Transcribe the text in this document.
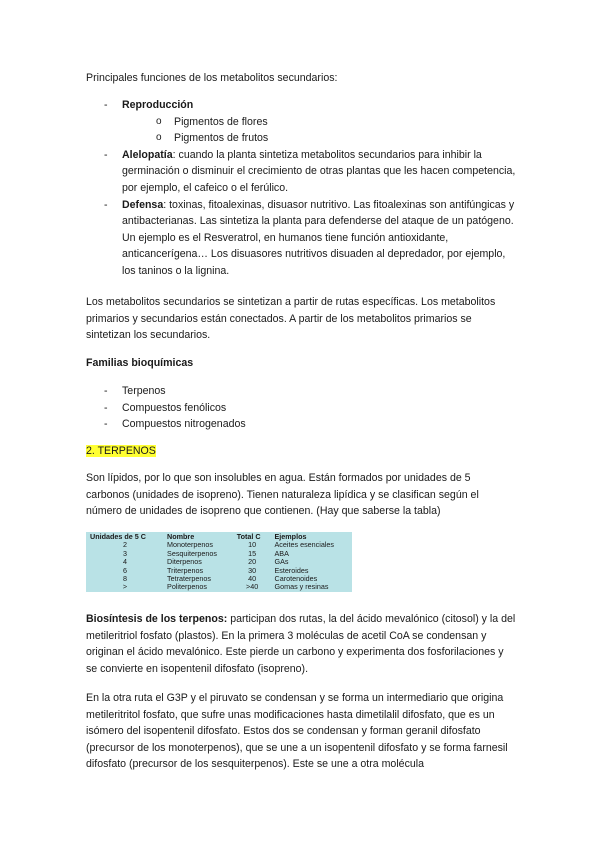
Principales funciones de los metabolitos secundarios:

- Reproducción
o Pigmentos de flores
o Pigmentos de frutos
- Alelopatía: cuando la planta sintetiza metabolitos secundarios para inhibir la germinación o disminuir el crecimiento de otras plantas que les hacen competencia, por ejemplo, el cafeico o el ferúlico.
- Defensa: toxinas, fitoalexinas, disuasor nutritivo. Las fitoalexinas son antifúngicas y antibacterianas. Las sintetiza la planta para defenderse del ataque de un patógeno. Un ejemplo es el Resveratrol, en humanos tiene función antioxidante, anticancerígena… Los disuasores nutritivos disuaden al depredador, por ejemplo, los taninos o la lignina.

Los metabolitos secundarios se sintetizan a partir de rutas específicas. Los metabolitos primarios y secundarios están conectados. A partir de los metabolitos primarios se sintetizan los secundarios.

Familias bioquímicas

- Terpenos
- Compuestos fenólicos
- Compuestos nitrogenados

2. TERPENOS

Son lípidos, por lo que son insolubles en agua. Están formados por unidades de 5 carbonos (unidades de isopreno). Tienen naturaleza lipídica y se clasifican según el número de unidades de isopreno que contienen. (Hay que saberse la tabla)

Unidades de 5 C	Nombre	Total C	Ejemplos
2	Monoterpenos	10	Aceites esenciales
3	Sesquiterpenos	15	ABA
4	Diterpenos	20	GAs
6	Triterpenos	30	Esteroides
8	Tetraterpenos	40	Carotenoides
>	Politerpenos	>40	Gomas y resinas

Biosíntesis de los terpenos: participan dos rutas, la del ácido mevalónico (citosol) y la del metileritriol fosfato (plastos). En la primera 3 moléculas de acetil CoA se condensan y originan el ácido mevalónico. Este pierde un carbono y experimenta dos fosforilaciones y se convierte en isopentenil difosfato (isopreno).

En la otra ruta el G3P y el piruvato se condensan y se forma un intermediario que origina metileritritol fosfato, que sufre unas modificaciones hasta dimetilalil difosfato, que es un isómero del isopentenil difosfato. Estos dos se condensan y forman geranil difosfato (precursor de los monoterpenos), que se une a un isopentenil difosfato y se forma farnesil difosfato (precursor de los sesquiterpenos). Este se une a otra molécula
